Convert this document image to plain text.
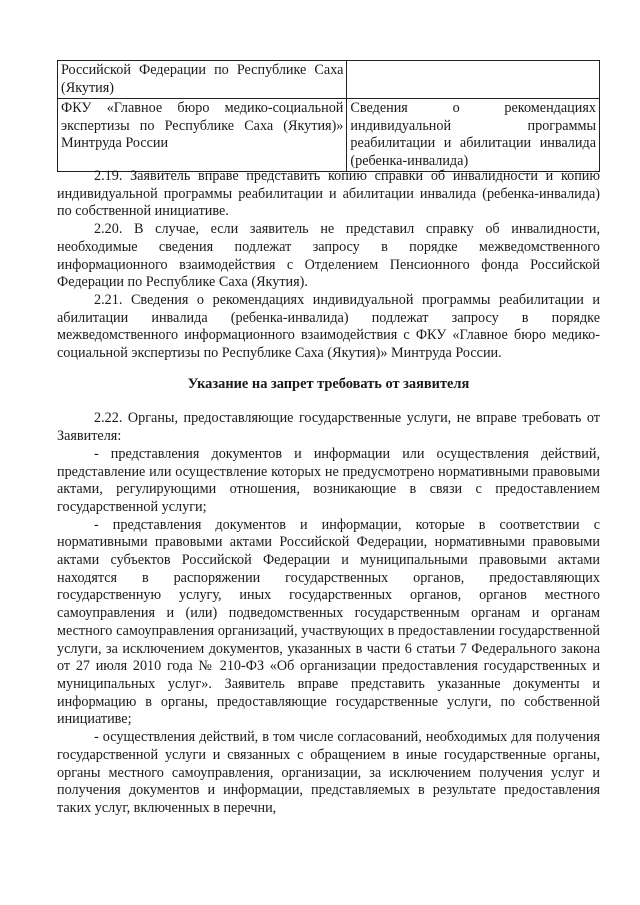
Российской Федерации по Республике Саха (Якутия)	
ФКУ «Главное бюро медико-социальной экспертизы по Республике Саха (Якутия)» Минтруда России	Сведения о рекомендациях индивидуальной программы реабилитации и абилитации инвалида (ребенка-инвалида)

2.19. Заявитель вправе представить копию справки об инвалидности и копию индивидуальной программы реабилитации и абилитации инвалида (ребенка-инвалида) по собственной инициативе.

2.20. В случае, если заявитель не представил справку об инвалидности, необходимые сведения подлежат запросу в порядке межведомственного информационного взаимодействия с Отделением Пенсионного фонда Российской Федерации по Республике Саха (Якутия).

2.21. Сведения о рекомендациях индивидуальной программы реабилитации и абилитации инвалида (ребенка-инвалида) подлежат запросу в порядке межведомственного информационного взаимодействия с ФКУ «Главное бюро медико-социальной экспертизы по Республике Саха (Якутия)» Минтруда России.

Указание на запрет требовать от заявителя

2.22. Органы, предоставляющие государственные услуги, не вправе требовать от Заявителя:

- представления документов и информации или осуществления действий, представление или осуществление которых не предусмотрено нормативными правовыми актами, регулирующими отношения, возникающие в связи с предоставлением государственной услуги;

- представления документов и информации, которые в соответствии с нормативными правовыми актами Российской Федерации, нормативными правовыми актами субъектов Российской Федерации и муниципальными правовыми актами находятся в распоряжении государственных органов, предоставляющих государственную услугу, иных государственных органов, органов местного самоуправления и (или) подведомственных государственным органам и органам местного самоуправления организаций, участвующих в предоставлении государственной услуги, за исключением документов, указанных в части 6 статьи 7 Федерального закона от 27 июля 2010 года № 210-ФЗ «Об организации предоставления государственных и муниципальных услуг». Заявитель вправе представить указанные документы и информацию в органы, предоставляющие государственные услуги, по собственной инициативе;

- осуществления действий, в том числе согласований, необходимых для получения государственной услуги и связанных с обращением в иные государственные органы, органы местного самоуправления, организации, за исключением получения услуг и получения документов и информации, представляемых в результате предоставления таких услуг, включенных в перечни,
